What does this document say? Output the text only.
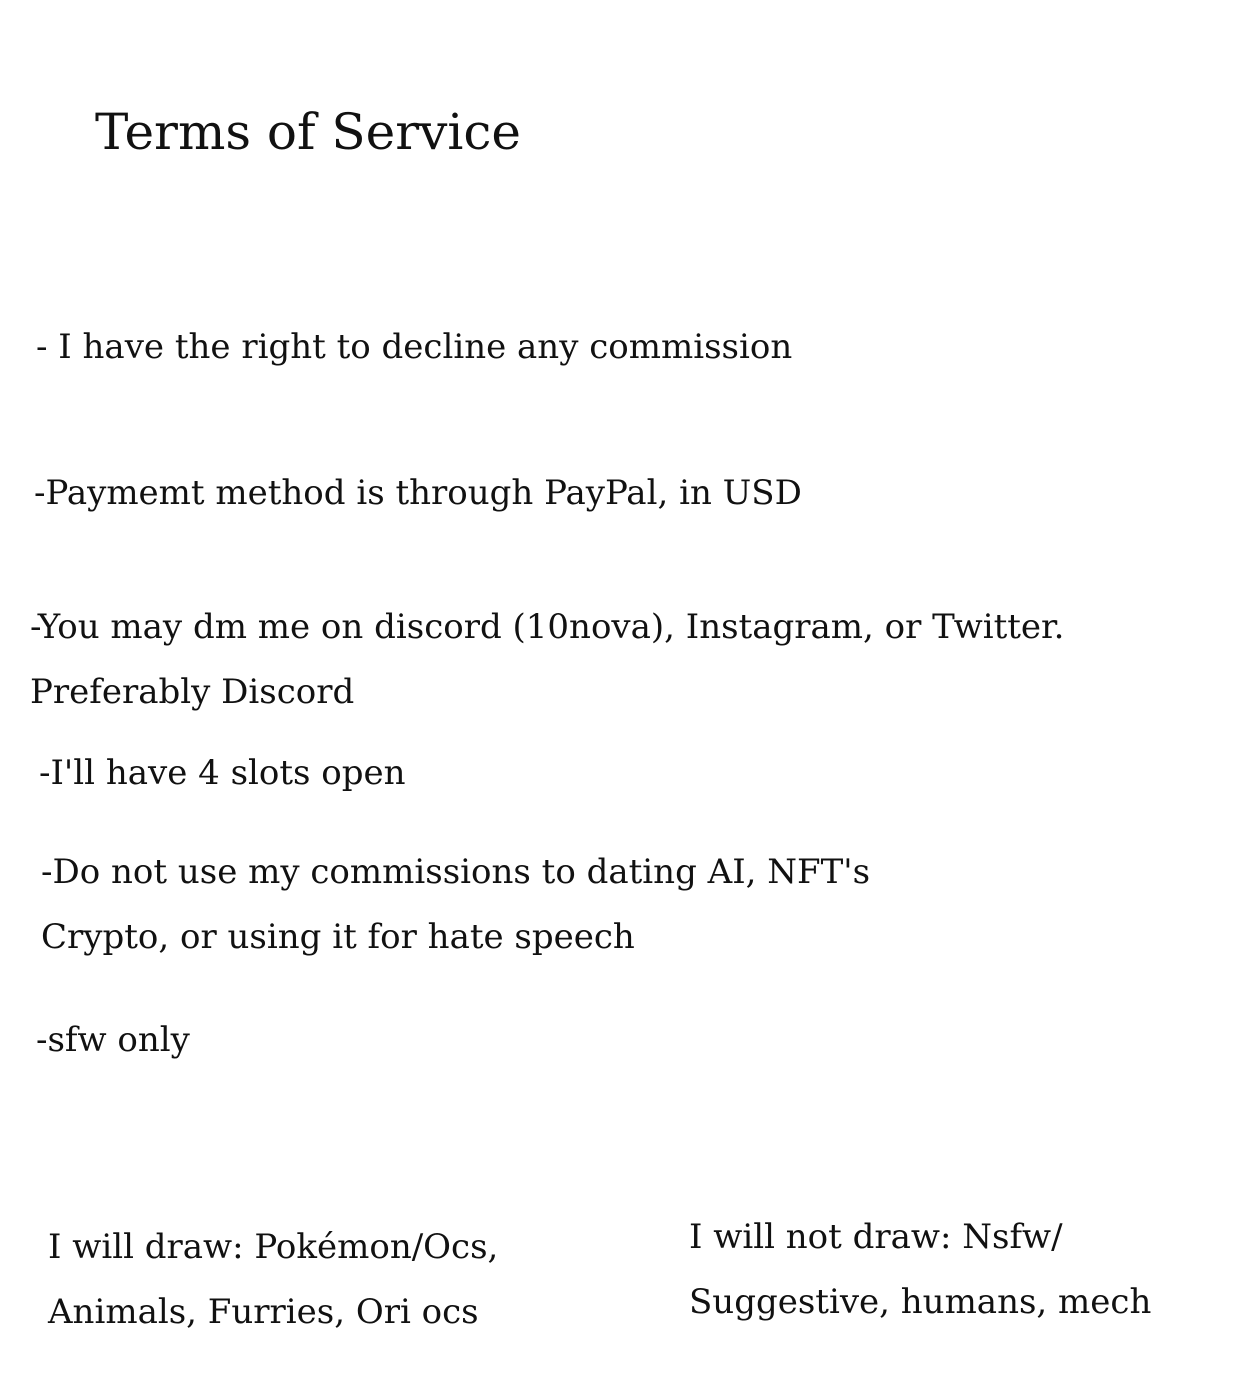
Terms of Service
- I have the right to decline any commission
-Paymemt method is through PayPal, in USD
-You may dm me on discord (10nova), Instagram, or Twitter.
Preferably Discord
-I'll have 4 slots open
-Do not use my commissions to dating AI, NFT's
Crypto, or using it for hate speech
-sfw only
I will draw: Pokémon/Ocs,
Animals, Furries, Ori ocs
I will not draw: Nsfw/
Suggestive, humans, mech
